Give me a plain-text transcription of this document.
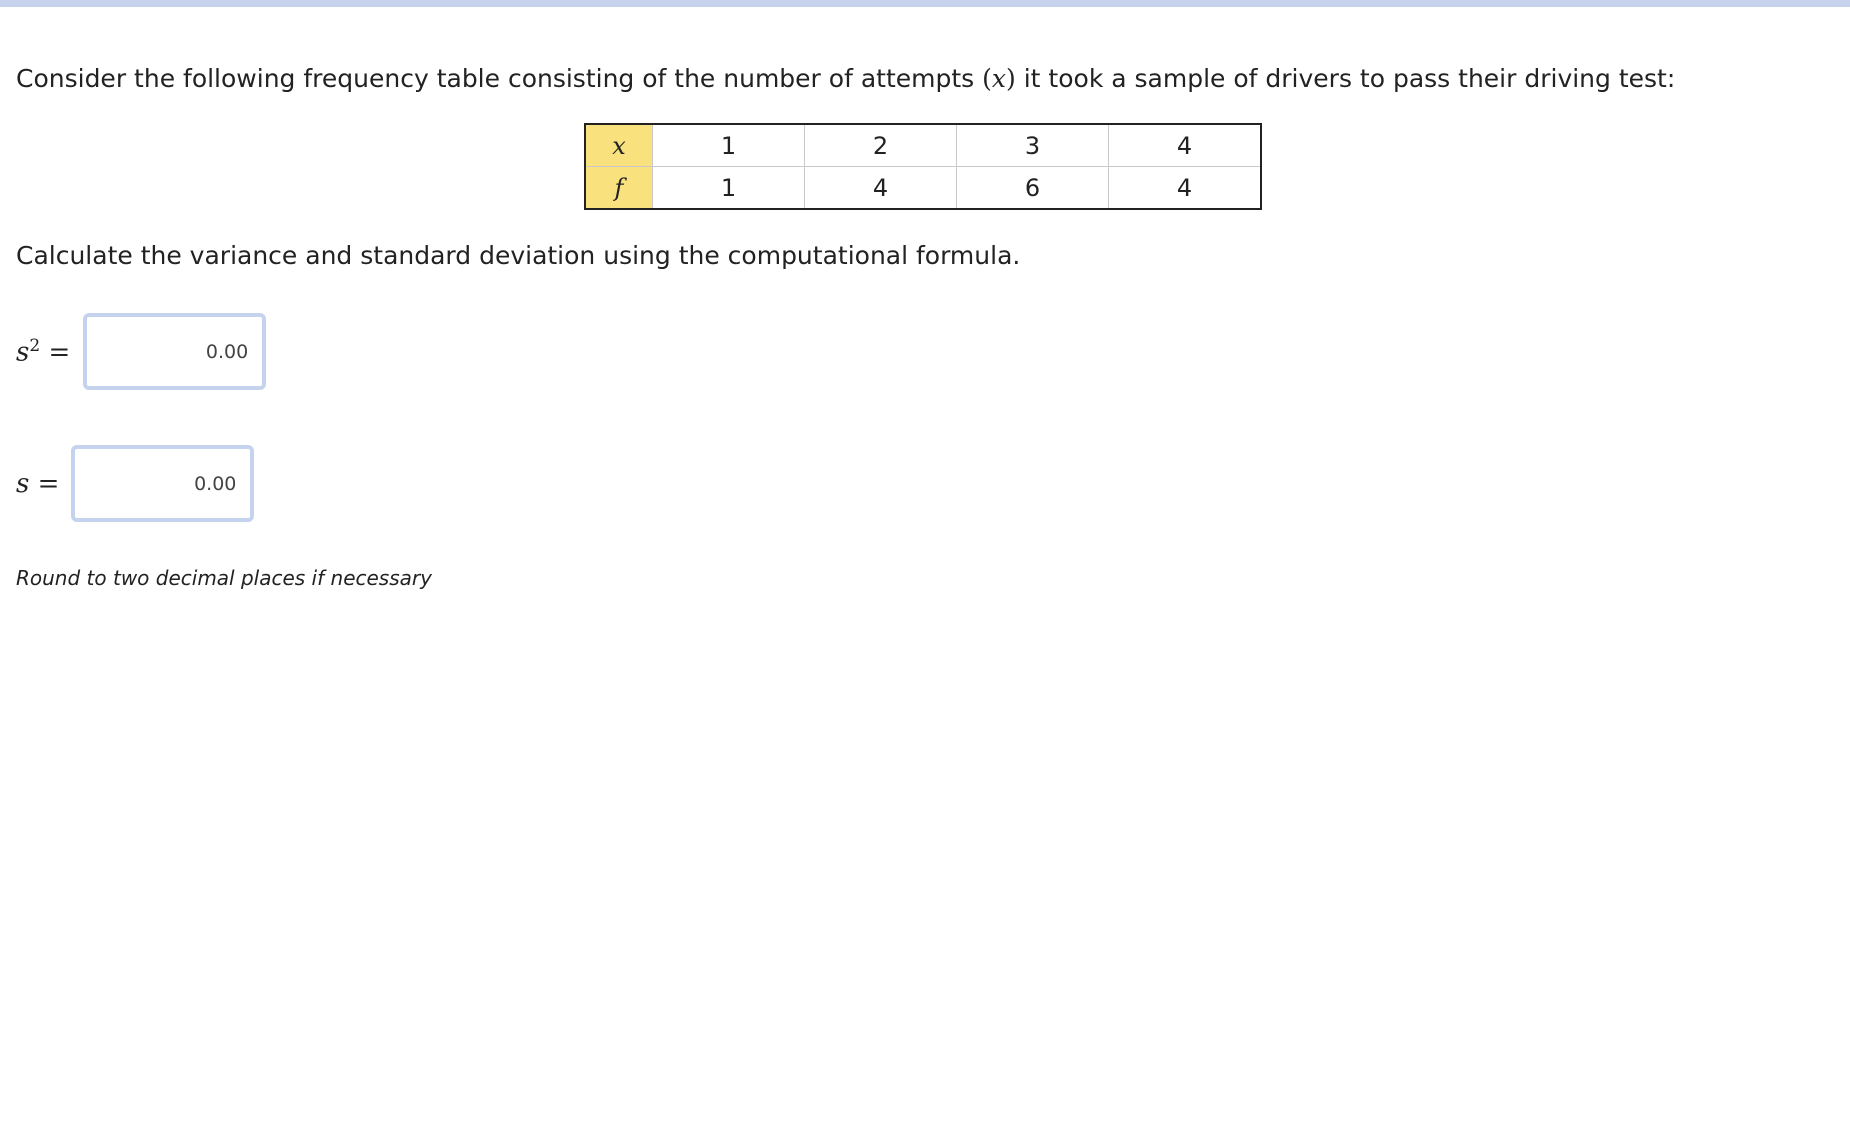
Consider the following frequency table consisting of the number of attempts (x) it took a sample of drivers to pass their driving test:
x	1	2	3	4
f	1	4	6	4
Calculate the variance and standard deviation using the computational formula.
$s^2$ =
0.00
s =
0.00
Round to two decimal places if necessary
